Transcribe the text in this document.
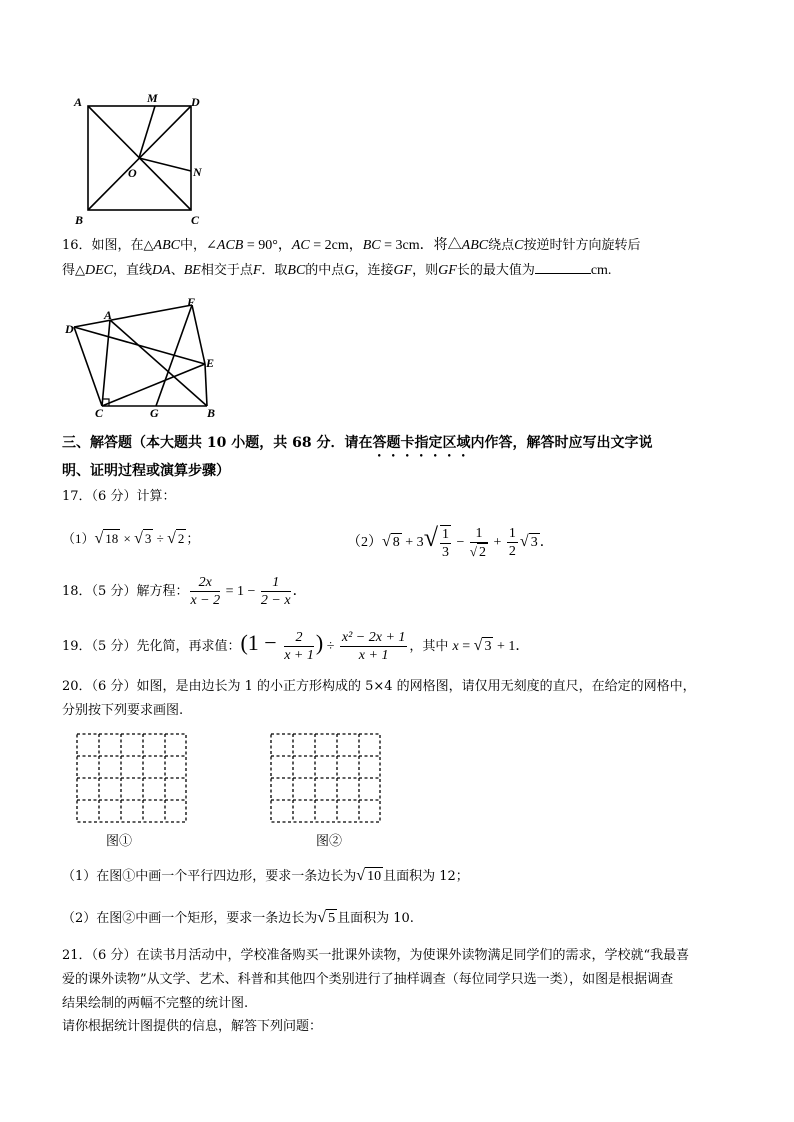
A	M	D
O	N
B	C
16．如图，在△ABC中，∠ACB = 90°，AC = 2cm，BC = 3cm．将△ABC绕点C按逆时针方向旋转后
得△DEC，直线DA、BE相交于点F．取BC的中点G，连接GF，则GF长的最大值为	cm.
D
A
F
E
C	G	B
三、解答题（本大题共 10 小题，共 68 分．请在答题卡指定区域内作答，解答时应写出文字说
明、证明过程或演算步骤）
17．（6 分）计算：
（1）√ 18 × √ 3 ÷ √ 2 ；	（2）√ $8 + 3√ \frac{1}{3} - \frac{1}{√ 2} + \frac{1}{2}$ √ 3 ．
18．（5 分）解方程： $\frac{2x}{x - 2} = 1 - \frac{1}{2 - x}$ ．
19．（5 分）先化简，再求值：($1 - \frac{2}{x + 1}$ ) ÷ $\frac{\text{x² − 2x + 1}}{x + 1}$ ，其中 x = √ 3 + 1．
20．（6 分）如图，是由边长为 1 的小正方形构成的 5×4 的网格图，请仅用无刻度的直尺，在给定的网格中，
分别按下列要求画图.
图①	图②
（1）在图①中画一个平行四边形，要求一条边长为√ 10 且面积为 12；
（2）在图②中画一个矩形，要求一条边长为√ 5 且面积为 10.
21．（6 分）在读书月活动中，学校准备购买一批课外读物，为使课外读物满足同学们的需求，学校就“我最喜
爱的课外读物”从文学、艺术、科普和其他四个类别进行了抽样调查（每位同学只选一类），如图是根据调查
结果绘制的两幅不完整的统计图.
请你根据统计图提供的信息，解答下列问题：
